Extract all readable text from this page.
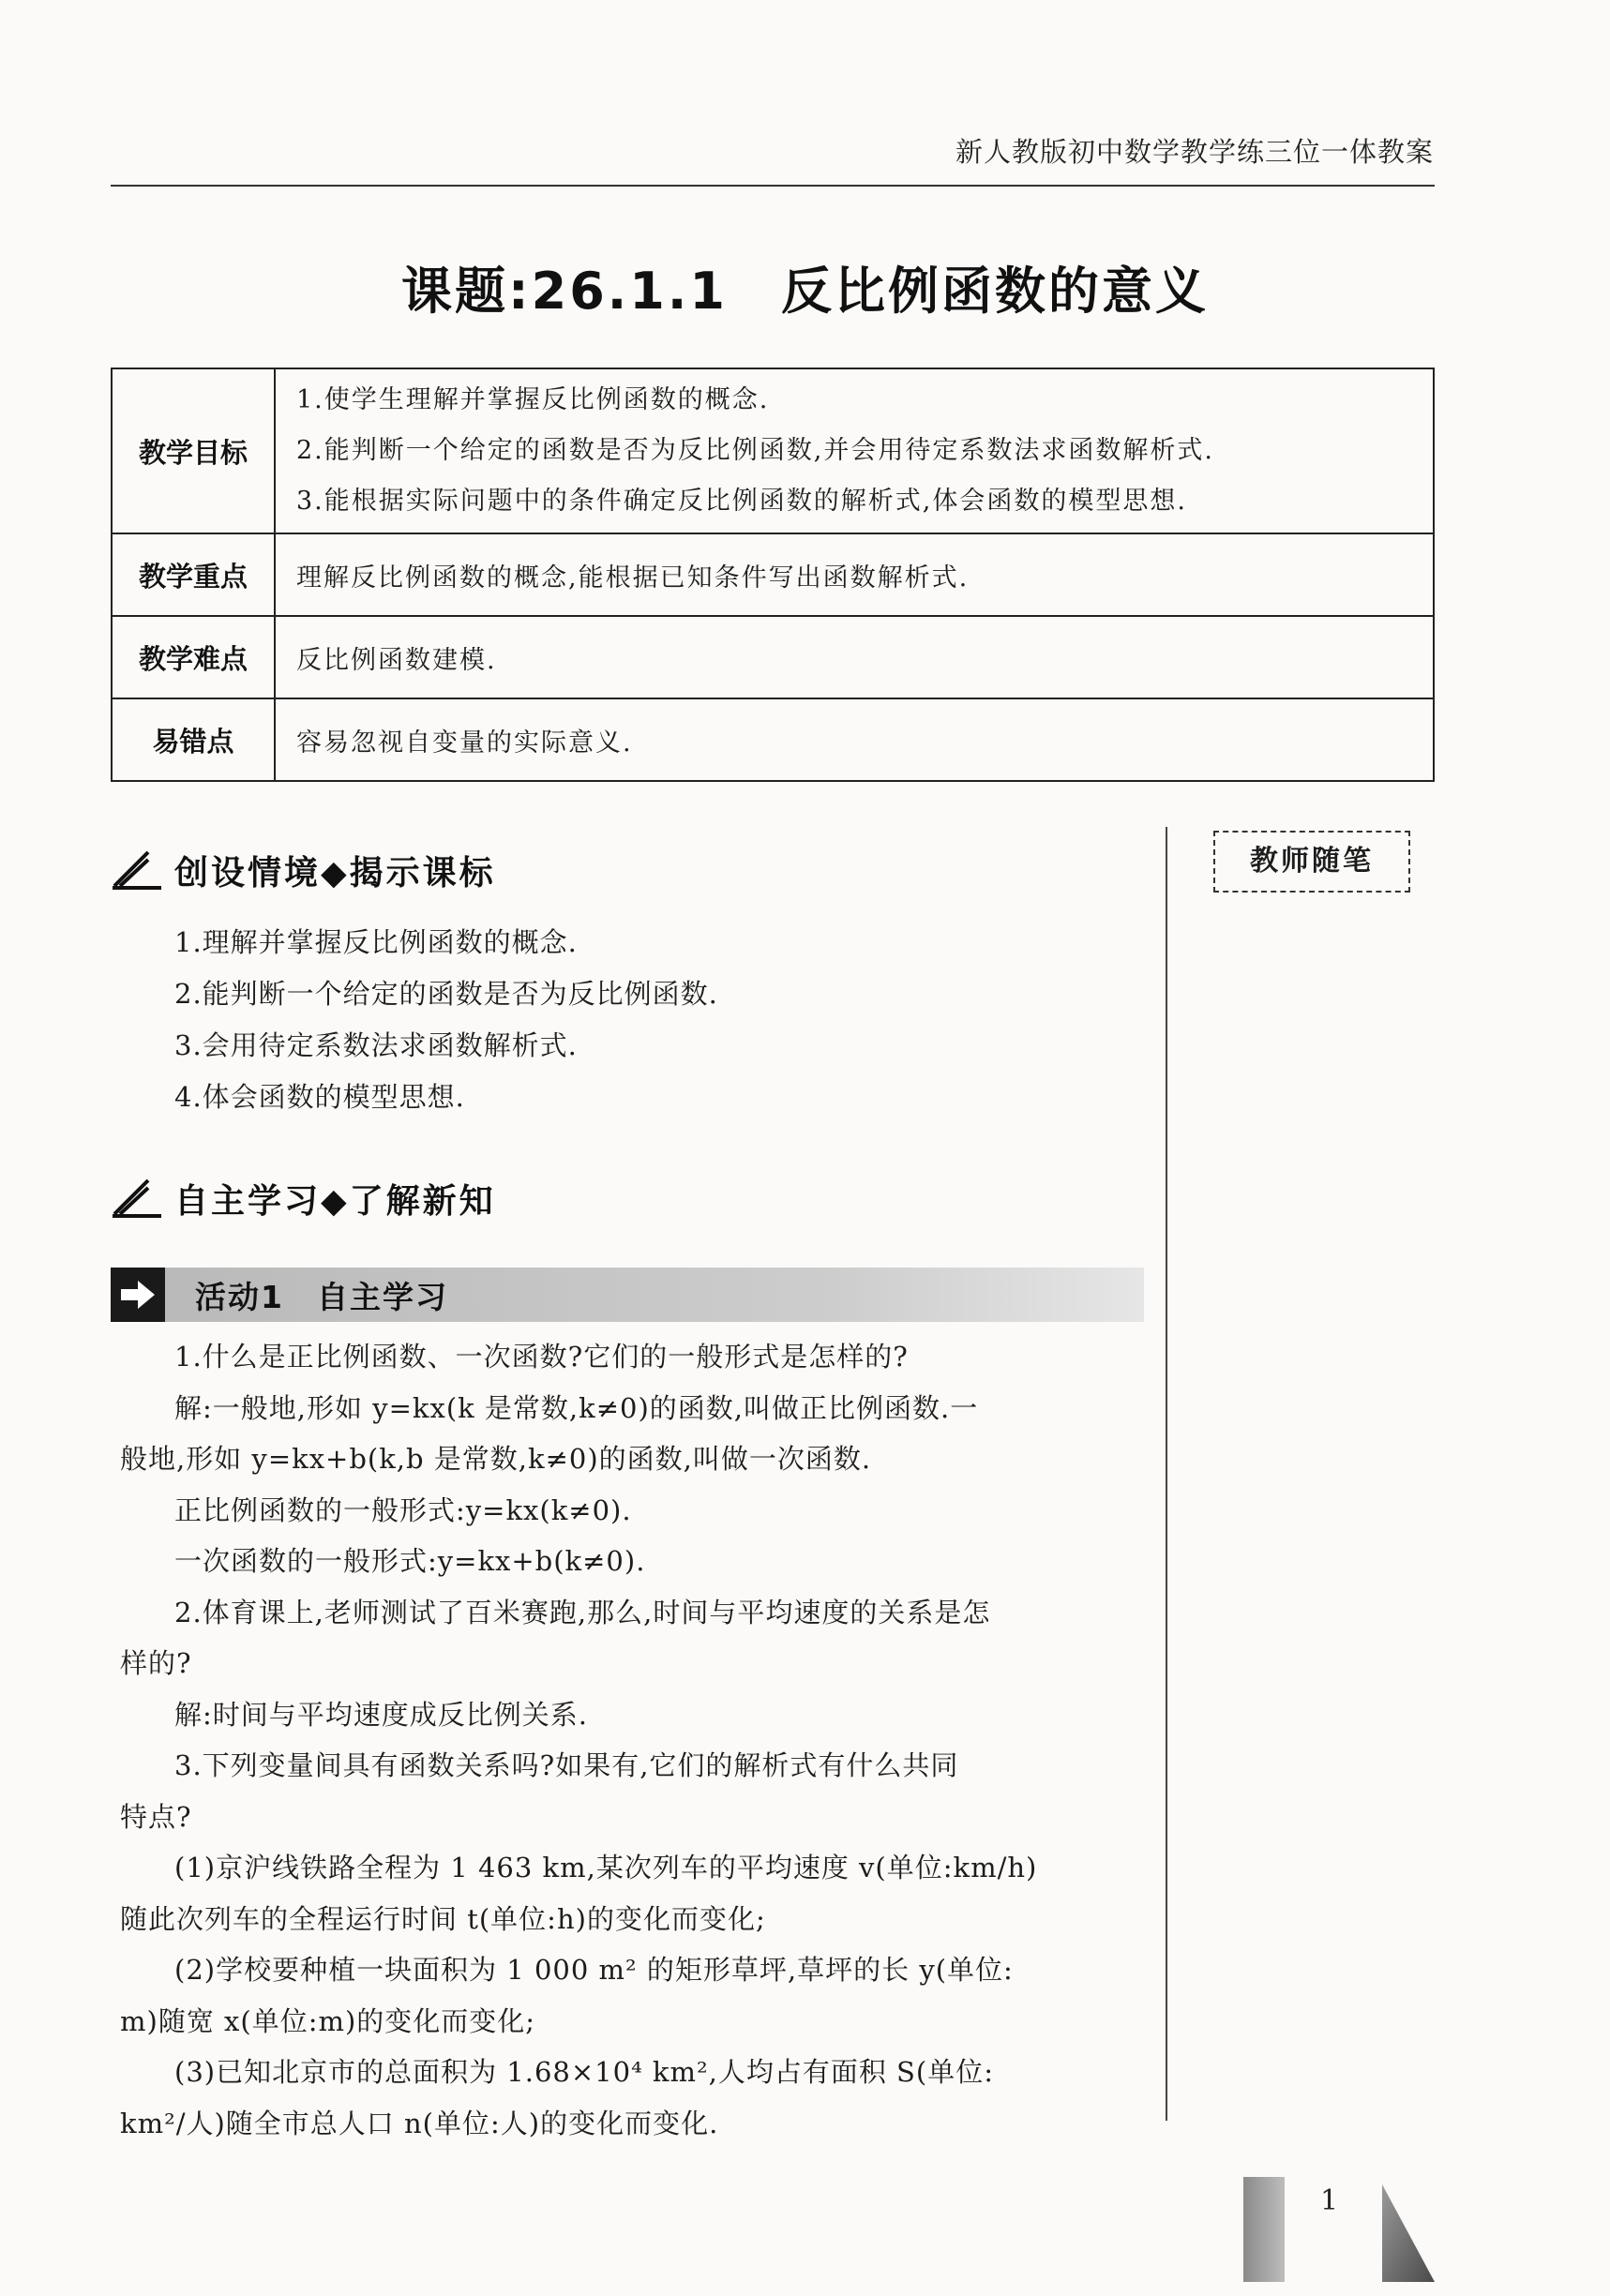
新人教版初中数学教学练三位一体教案
课题:26.1.1　反比例函数的意义
教学目标	1.使学生理解并掌握反比例函数的概念.
2.能判断一个给定的函数是否为反比例函数,并会用待定系数法求函数解析式.
3.能根据实际问题中的条件确定反比例函数的解析式,体会函数的模型思想.

教学重点	理解反比例函数的概念,能根据已知条件写出函数解析式.
教学难点	反比例函数建模.
易错点	容易忽视自变量的实际意义.
教师随笔
创设情境◆揭示课标
1.理解并掌握反比例函数的概念.
2.能判断一个给定的函数是否为反比例函数.
3.会用待定系数法求函数解析式.
4.体会函数的模型思想.
自主学习◆了解新知
活动1　自主学习
1.什么是正比例函数、一次函数?它们的一般形式是怎样的?
解:一般地,形如 y=kx(k 是常数,k≠0)的函数,叫做正比例函数.一
般地,形如 y=kx+b(k,b 是常数,k≠0)的函数,叫做一次函数.
正比例函数的一般形式:y=kx(k≠0).
一次函数的一般形式:y=kx+b(k≠0).
2.体育课上,老师测试了百米赛跑,那么,时间与平均速度的关系是怎
样的?
解:时间与平均速度成反比例关系.
3.下列变量间具有函数关系吗?如果有,它们的解析式有什么共同
特点?
(1)京沪线铁路全程为 1 463 km,某次列车的平均速度 v(单位:km/h)
随此次列车的全程运行时间 t(单位:h)的变化而变化;
(2)学校要种植一块面积为 1 000 m² 的矩形草坪,草坪的长 y(单位:
m)随宽 x(单位:m)的变化而变化;
(3)已知北京市的总面积为 1.68×10⁴ km²,人均占有面积 S(单位:
km²/人)随全市总人口 n(单位:人)的变化而变化.
1
